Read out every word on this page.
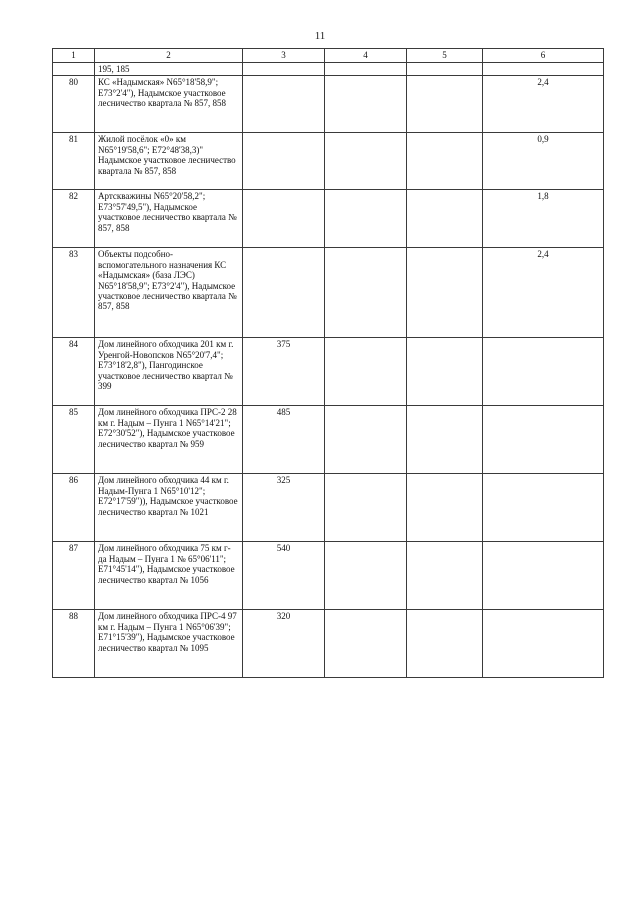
11
1	2	3	4	5	6
	195, 185				
80	КС «Надымская» N65°18'58,9"; E73°2'4"), Надымское участковое лесничество квартала № 857, 858				2,4
81	Жилой посёлок «0» км N65°19'58,6"; E72°48'38,3)" Надымское участковое лесничество квартала № 857, 858				0,9
82	Артскважины N65°20'58,2"; E73°57'49,5"), Надымское участковое лесничество квартала № 857, 858				1,8
83	Объекты подсобно-вспомогательного назначения КС «Надымская» (база ЛЭС) N65°18'58,9"; E73°2'4"), Надымское участковое лесничество квартала № 857, 858				2,4
84	Дом линейного обходчика 201 км г. Уренгой-Новопсков N65°20'7,4"; E73°18'2,8"), Пангодинское участковое лесничество квартал № 399	375			
85	Дом линейного обходчика ПРС-2 28 км г. Надым – Пунга 1 N65°14'21"; E72°30'52"), Надымское участковое лесничество квартал № 959	485			
86	Дом линейного обходчика 44 км г. Надым-Пунга 1 N65°10'12"; E72°17'59")), Надымское участковое лесничество квартал № 1021	325			
87	Дом линейного обходчика 75 км г-да Надым – Пунга 1 № 65°06'11"; E71°45'14"), Надымское участковое лесничество квартал № 1056	540			
88	Дом линейного обходчика ПРС-4 97 км г. Надым – Пунга 1 N65°06'39"; E71°15'39"), Надымское участковое лесничество квартал № 1095	320			
